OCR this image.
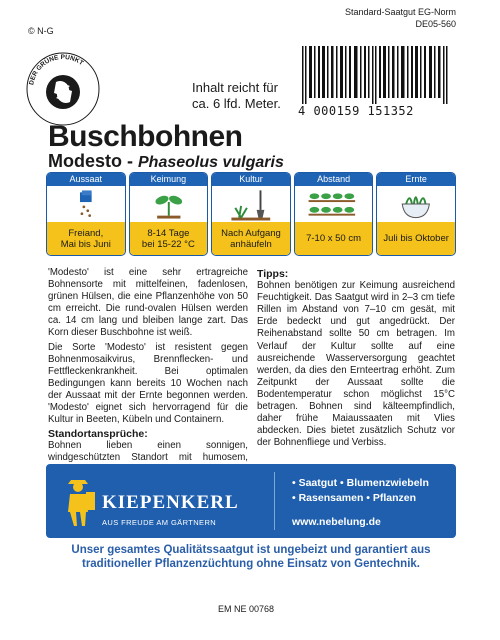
© N-G
Standard-Saatgut EG-Norm
DE05-560
DER GRÜNE PUNKT
Inhalt reicht für
ca. 6 lfd. Meter. 4 000159 151352
Buschbohnen
Modesto - Phaseolus vulgaris
Aussaat
Freiand,
Mai bis Juni
Keimung
8-14 Tage
bei 15-22 °C
Kultur
Nach Aufgang
anhäufeln
Abstand
7-10 x 50 cm
Ernte
Juli bis Oktober

'Modesto' ist eine sehr ertragreiche Bohnensorte mit mittelfeinen, fadenlosen, grünen Hülsen, die eine Pflanzenhöhe von 50 cm erreicht. Die rund-ovalen Hülsen werden ca. 14 cm lang und bleiben lange zart. Das Korn dieser Buschbohne ist weiß.

Die Sorte 'Modesto' ist resistent gegen Bohnenmosaikvirus, Brennflecken- und Fettfleckenkrankheit. Bei optimalen Bedingungen kann bereits 10 Wochen nach der Aussaat mit der Ernte begonnen werden. 'Modesto' eignet sich hervorragend für die Kultur in Beeten, Kübeln und Containern.

Standortansprüche:

Bohnen lieben einen sonnigen, windgeschützten Standort mit humosem,

Tipps:

Bohnen benötigen zur Keimung ausreichend Feuchtigkeit. Das Saatgut wird in 2–3 cm tiefe Rillen im Abstand von 7–10 cm gesät, mit Erde bedeckt und gut angedrückt. Der Reihenabstand sollte 50 cm betragen. Im Verlauf der Kultur sollte auf eine ausreichende Wasserversorgung geachtet werden, da dies den Ernteertrag erhöht. Zum Zeitpunkt der Aussaat sollte die Bodentemperatur schon möglichst 15°C betragen. Bohnen sind kälteempfindlich, daher frühe Maiaussaaten mit Vlies abdecken. Dies bietet zusätzlich Schutz vor der Bohnenfliege und Verbiss.

KIEPENKERL
AUS FREUDE AM GÄRTNERN
• Saatgut • Blumenzwiebeln
• Rasensamen • Pflanzen
www.nebelung.de
Unser gesamtes Qualitätssaatgut ist ungebeizt und garantiert aus
traditioneller Pflanzenzüchtung ohne Einsatz von Gentechnik.
EM NE 00768
